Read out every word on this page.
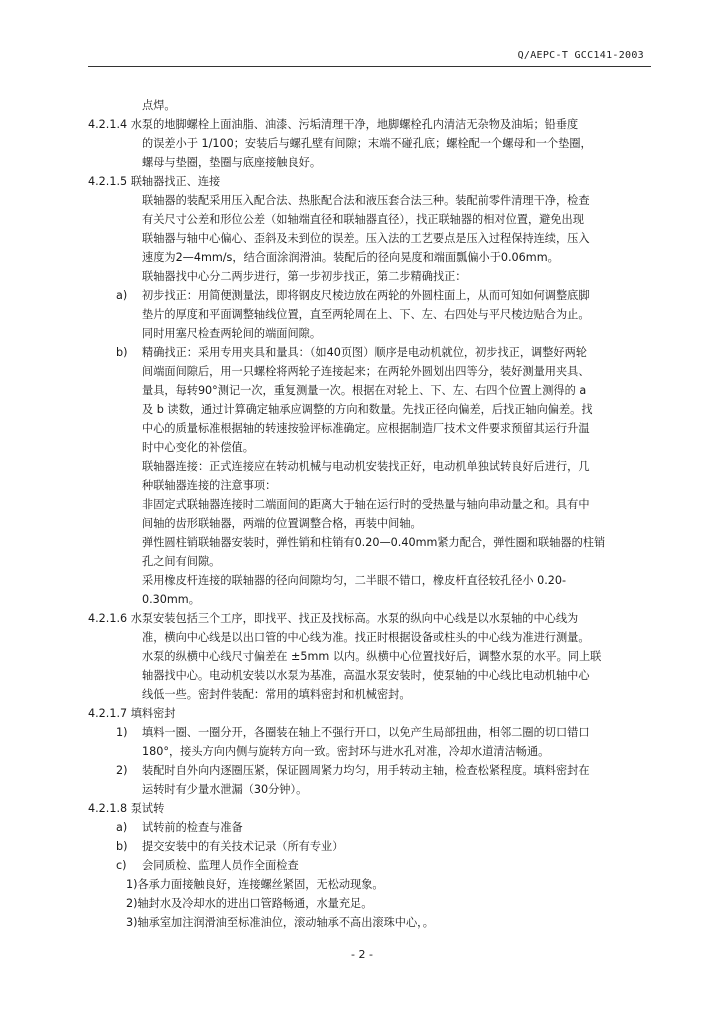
Q/AEPC-T GCC141-2003
点焊。
4.2.1.4 水泵的地脚螺栓上面油脂、油漆、污垢清理干净，地脚螺栓孔内清洁无杂物及油垢；铅垂度
的误差小于 1/100；安装后与螺孔壁有间隙；末端不碰孔底；螺栓配一个螺母和一个垫圈，
螺母与垫圈，垫圈与底座接触良好。
4.2.1.5 联轴器找正、连接
联轴器的装配采用压入配合法、热胀配合法和液压套合法三种。装配前零件清理干净，检查
有关尺寸公差和形位公差（如轴端直径和联轴器直径），找正联轴器的相对位置，避免出现
联轴器与轴中心偏心、歪斜及未到位的误差。压入法的工艺要点是压入过程保持连续，压入
速度为2—4mm/s，结合面涂润滑油。装配后的径向晃度和端面瓢偏小于0.06mm。
联轴器找中心分二两步进行，第一步初步找正，第二步精确找正：
a) 初步找正：用简便测量法，即将钢皮尺棱边放在两轮的外圆柱面上，从而可知如何调整底脚
垫片的厚度和平面调整轴线位置，直至两轮周在上、下、左、右四处与平尺棱边贴合为止。
同时用塞尺检查两轮间的端面间隙。
b) 精确找正：采用专用夹具和量具：（如40页图）顺序是电动机就位，初步找正，调整好两轮
间端面间隙后，用一只螺栓将两轮子连接起来；在两轮外圆划出四等分，装好测量用夹具、
量具，每转90°测记一次，重复测量一次。根据在对轮上、下、左、右四个位置上测得的 a
及 b 读数，通过计算确定轴承应调整的方向和数量。先找正径向偏差，后找正轴向偏差。找
中心的质量标准根据轴的转速按验评标准确定。应根据制造厂技术文件要求预留其运行升温
时中心变化的补偿值。
联轴器连接：正式连接应在转动机械与电动机安装找正好，电动机单独试转良好后进行，几
种联轴器连接的注意事项：
非固定式联轴器连接时二端面间的距离大于轴在运行时的受热量与轴向串动量之和。具有中
间轴的齿形联轴器，两端的位置调整合格，再装中间轴。
弹性圆柱销联轴器安装时，弹性销和柱销有0.20—0.40mm紧力配合，弹性圈和联轴器的柱销
孔之间有间隙。
采用橡皮杆连接的联轴器的径向间隙均匀，二半眼不错口，橡皮杆直径较孔径小 0.20-
0.30mm。
4.2.1.6 水泵安装包括三个工序，即找平、找正及找标高。水泵的纵向中心线是以水泵轴的中心线为
准，横向中心线是以出口管的中心线为准。找正时根据设备或柱头的中心线为准进行测量。
水泵的纵横中心线尺寸偏差在 ±5mm 以内。纵横中心位置找好后，调整水泵的水平。同上联
轴器找中心。电动机安装以水泵为基准，高温水泵安装时，使泵轴的中心线比电动机轴中心
线低一些。密封件装配：常用的填料密封和机械密封。
4.2.1.7 填料密封
1) 填料一圈、一圈分开，各圈装在轴上不强行开口，以免产生局部扭曲，相邻二圈的切口错口
180°，接头方向内侧与旋转方向一致。密封环与进水孔对准，冷却水道清洁畅通。
2) 装配时自外向内逐圈压紧，保证圆周紧力均匀，用手转动主轴，检查松紧程度。填料密封在
运转时有少量水泄漏（30分钟）。
4.2.1.8 泵试转
a) 试转前的检查与准备
b) 提交安装中的有关技术记录（所有专业）
c) 会同质检、监理人员作全面检查
1)各承力面接触良好，连接螺丝紧固，无松动现象。
2)轴封水及冷却水的进出口管路畅通，水量充足。
3)轴承室加注润滑油至标准油位，滚动轴承不高出滚珠中心，。
- 2 -
